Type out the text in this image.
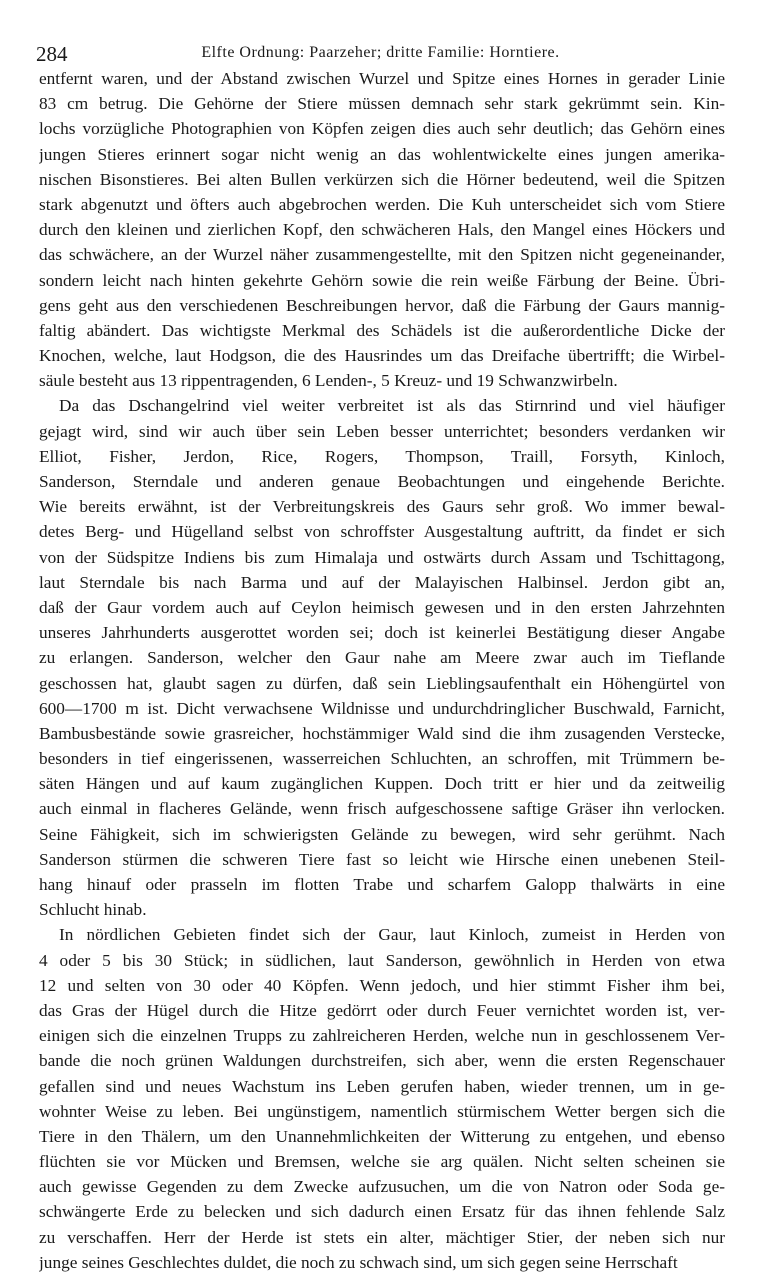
284	Elfte Ordnung: Paarzeher; dritte Familie: Horntiere.
entfernt waren, und der Abstand zwischen Wurzel und Spitze eines Hornes in gerader Linie
83 cm betrug. Die Gehörne der Stiere müssen demnach sehr stark gekrümmt sein. Kin-
lochs vorzügliche Photographien von Köpfen zeigen dies auch sehr deutlich; das Gehörn eines
jungen Stieres erinnert sogar nicht wenig an das wohlentwickelte eines jungen amerika-
nischen Bisonstieres. Bei alten Bullen verkürzen sich die Hörner bedeutend, weil die Spitzen
stark abgenutzt und öfters auch abgebrochen werden. Die Kuh unterscheidet sich vom Stiere
durch den kleinen und zierlichen Kopf, den schwächeren Hals, den Mangel eines Höckers und
das schwächere, an der Wurzel näher zusammengestellte, mit den Spitzen nicht gegeneinander,
sondern leicht nach hinten gekehrte Gehörn sowie die rein weiße Färbung der Beine. Übri-
gens geht aus den verschiedenen Beschreibungen hervor, daß die Färbung der Gaurs mannig-
faltig abändert. Das wichtigste Merkmal des Schädels ist die außerordentliche Dicke der
Knochen, welche, laut Hodgson, die des Hausrindes um das Dreifache übertrifft; die Wirbel-
säule besteht aus 13 rippentragenden, 6 Lenden-, 5 Kreuz- und 19 Schwanzwirbeln.
Da das Dschangelrind viel weiter verbreitet ist als das Stirnrind und viel häufiger
gejagt wird, sind wir auch über sein Leben besser unterrichtet; besonders verdanken wir
Elliot, Fisher, Jerdon, Rice, Rogers, Thompson, Traill, Forsyth, Kinloch,
Sanderson, Sterndale und anderen genaue Beobachtungen und eingehende Berichte.
Wie bereits erwähnt, ist der Verbreitungskreis des Gaurs sehr groß. Wo immer bewal-
detes Berg- und Hügelland selbst von schroffster Ausgestaltung auftritt, da findet er sich
von der Südspitze Indiens bis zum Himalaja und ostwärts durch Assam und Tschittagong,
laut Sterndale bis nach Barma und auf der Malayischen Halbinsel. Jerdon gibt an,
daß der Gaur vordem auch auf Ceylon heimisch gewesen und in den ersten Jahrzehnten
unseres Jahrhunderts ausgerottet worden sei; doch ist keinerlei Bestätigung dieser Angabe
zu erlangen. Sanderson, welcher den Gaur nahe am Meere zwar auch im Tieflande
geschossen hat, glaubt sagen zu dürfen, daß sein Lieblingsaufenthalt ein Höhengürtel von
600—1700 m ist. Dicht verwachsene Wildnisse und undurchdringlicher Buschwald, Farnicht,
Bambusbestände sowie grasreicher, hochstämmiger Wald sind die ihm zusagenden Verstecke,
besonders in tief eingerissenen, wasserreichen Schluchten, an schroffen, mit Trümmern be-
säten Hängen und auf kaum zugänglichen Kuppen. Doch tritt er hier und da zeitweilig
auch einmal in flacheres Gelände, wenn frisch aufgeschossene saftige Gräser ihn verlocken.
Seine Fähigkeit, sich im schwierigsten Gelände zu bewegen, wird sehr gerühmt. Nach
Sanderson stürmen die schweren Tiere fast so leicht wie Hirsche einen unebenen Steil-
hang hinauf oder prasseln im flotten Trabe und scharfem Galopp thalwärts in eine
Schlucht hinab.
In nördlichen Gebieten findet sich der Gaur, laut Kinloch, zumeist in Herden von
4 oder 5 bis 30 Stück; in südlichen, laut Sanderson, gewöhnlich in Herden von etwa
12 und selten von 30 oder 40 Köpfen. Wenn jedoch, und hier stimmt Fisher ihm bei,
das Gras der Hügel durch die Hitze gedörrt oder durch Feuer vernichtet worden ist, ver-
einigen sich die einzelnen Trupps zu zahlreicheren Herden, welche nun in geschlossenem Ver-
bande die noch grünen Waldungen durchstreifen, sich aber, wenn die ersten Regenschauer
gefallen sind und neues Wachstum ins Leben gerufen haben, wieder trennen, um in ge-
wohnter Weise zu leben. Bei ungünstigem, namentlich stürmischem Wetter bergen sich die
Tiere in den Thälern, um den Unannehmlichkeiten der Witterung zu entgehen, und ebenso
flüchten sie vor Mücken und Bremsen, welche sie arg quälen. Nicht selten scheinen sie
auch gewisse Gegenden zu dem Zwecke aufzusuchen, um die von Natron oder Soda ge-
schwängerte Erde zu belecken und sich dadurch einen Ersatz für das ihnen fehlende Salz
zu verschaffen. Herr der Herde ist stets ein alter, mächtiger Stier, der neben sich nur
junge seines Geschlechtes duldet, die noch zu schwach sind, um sich gegen seine Herrschaft
